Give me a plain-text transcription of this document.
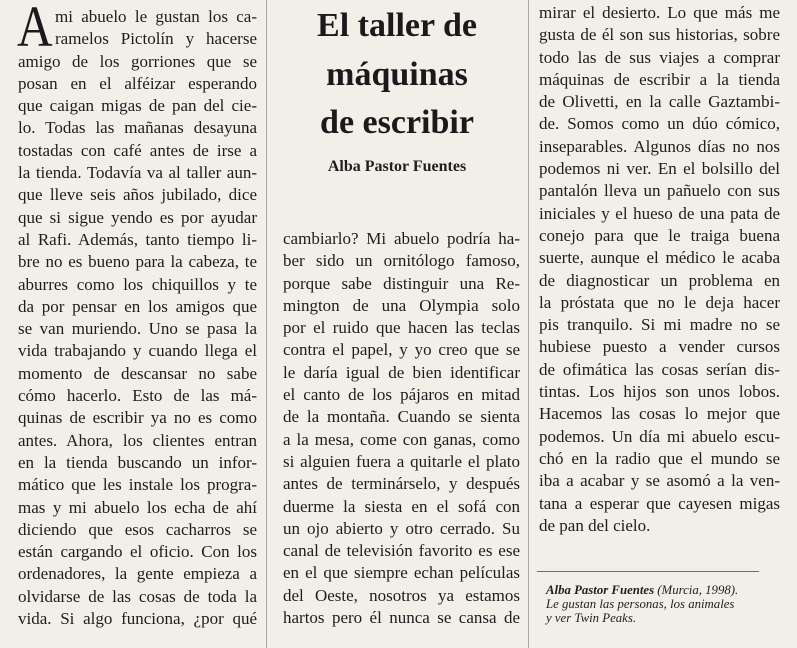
A mi abuelo le gustan los ca-
ramelos Pictolín y hacerse
amigo de los gorriones que se
posan en el alféizar esperando
que caigan migas de pan del cie-
lo. Todas las mañanas desayuna
tostadas con café antes de irse a
la tienda. Todavía va al taller aun-
que lleve seis años jubilado, dice
que si sigue yendo es por ayudar
al Rafi. Además, tanto tiempo li-
bre no es bueno para la cabeza, te
aburres como los chiquillos y te
da por pensar en los amigos que
se van muriendo. Uno se pasa la
vida trabajando y cuando llega el
momento de descansar no sabe
cómo hacerlo. Esto de las má-
quinas de escribir ya no es como
antes. Ahora, los clientes entran
en la tienda buscando un infor-
mático que les instale los progra-
mas y mi abuelo los echa de ahí
diciendo que esos cacharros se
están cargando el oficio. Con los
ordenadores, la gente empieza a
olvidarse de las cosas de toda la
vida. Si algo funciona, ¿por qué
El taller de
máquinas
de escribir
Alba Pastor Fuentes
cambiarlo? Mi abuelo podría ha-
ber sido un ornitólogo famoso,
porque sabe distinguir una Re-
mington de una Olympia solo
por el ruido que hacen las teclas
contra el papel, y yo creo que se
le daría igual de bien identificar
el canto de los pájaros en mitad
de la montaña. Cuando se sienta
a la mesa, come con ganas, como
si alguien fuera a quitarle el plato
antes de terminárselo, y después
duerme la siesta en el sofá con
un ojo abierto y otro cerrado. Su
canal de televisión favorito es ese
en el que siempre echan películas
del Oeste, nosotros ya estamos
hartos pero él nunca se cansa de
mirar el desierto. Lo que más me
gusta de él son sus historias, sobre
todo las de sus viajes a comprar
máquinas de escribir a la tienda
de Olivetti, en la calle Gaztambi-
de. Somos como un dúo cómico,
inseparables. Algunos días no nos
podemos ni ver. En el bolsillo del
pantalón lleva un pañuelo con sus
iniciales y el hueso de una pata de
conejo para que le traiga buena
suerte, aunque el médico le acaba
de diagnosticar un problema en
la próstata que no le deja hacer
pis tranquilo. Si mi madre no se
hubiese puesto a vender cursos
de ofimática las cosas serían dis-
tintas. Los hijos son unos lobos.
Hacemos las cosas lo mejor que
podemos. Un día mi abuelo escu-
chó en la radio que el mundo se
iba a acabar y se asomó a la ven-
tana a esperar que cayesen migas
de pan del cielo.
Alba Pastor Fuentes (Murcia, 1998).
Le gustan las personas, los animales
y ver Twin Peaks.
